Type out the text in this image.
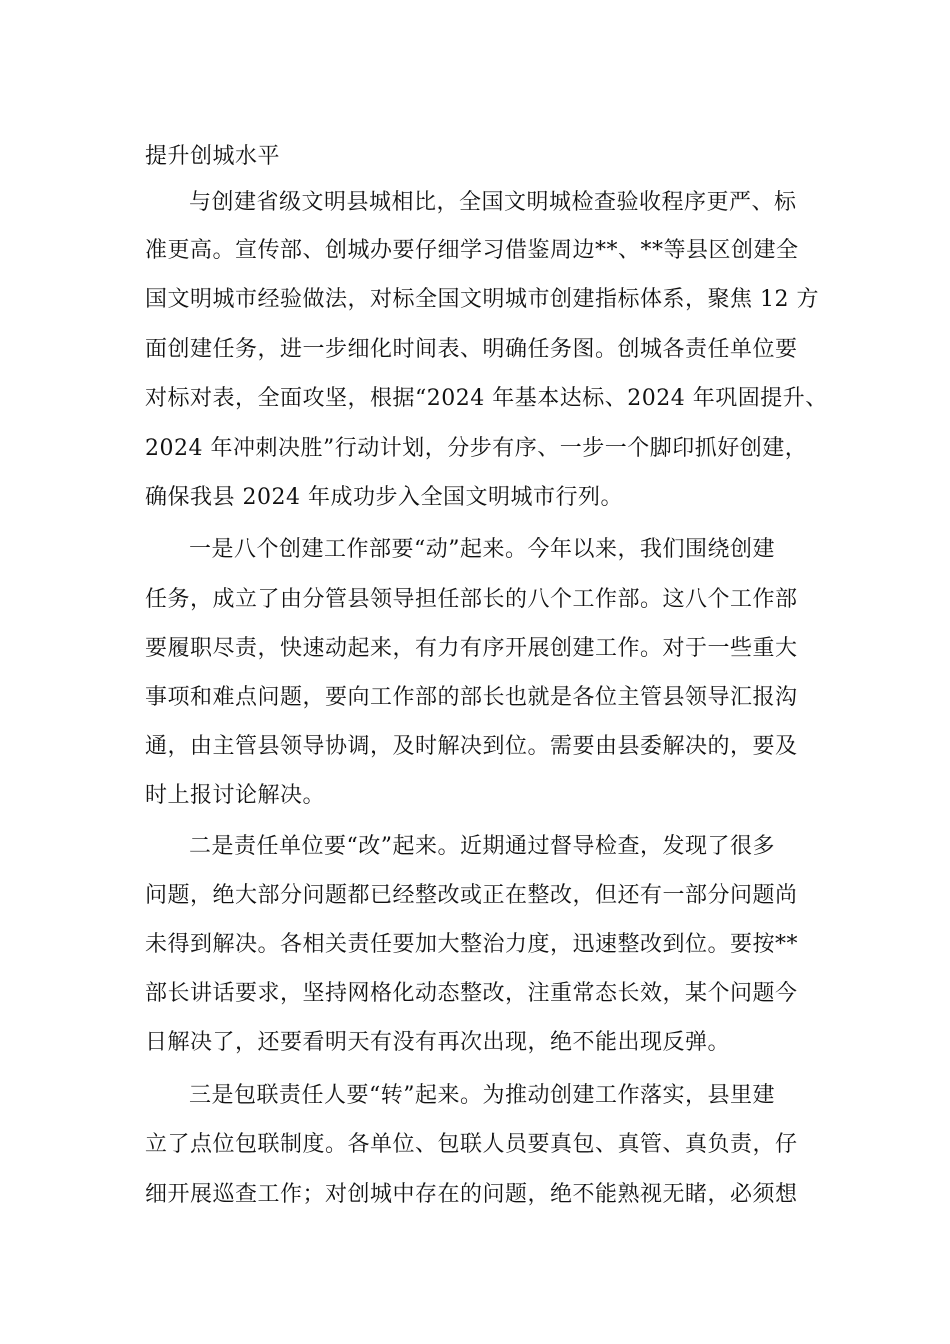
提升创城水平
与创建省级文明县城相比，全国文明城检查验收程序更严、标
准更高。宣传部、创城办要仔细学习借鉴周边**、**等县区创建全
国文明城市经验做法，对标全国文明城市创建指标体系，聚焦 12 方
面创建任务，进一步细化时间表、明确任务图。创城各责任单位要
对标对表，全面攻坚，根据“2024 年基本达标、2024 年巩固提升、
2024 年冲刺决胜”行动计划，分步有序、一步一个脚印抓好创建，
确保我县 2024 年成功步入全国文明城市行列。
一是八个创建工作部要“动”起来。今年以来，我们围绕创建
任务，成立了由分管县领导担任部长的八个工作部。这八个工作部
要履职尽责，快速动起来，有力有序开展创建工作。对于一些重大
事项和难点问题，要向工作部的部长也就是各位主管县领导汇报沟
通，由主管县领导协调，及时解决到位。需要由县委解决的，要及
时上报讨论解决。
二是责任单位要“改”起来。近期通过督导检查，发现了很多
问题，绝大部分问题都已经整改或正在整改，但还有一部分问题尚
未得到解决。各相关责任要加大整治力度，迅速整改到位。要按**
部长讲话要求，坚持网格化动态整改，注重常态长效，某个问题今
日解决了，还要看明天有没有再次出现，绝不能出现反弹。
三是包联责任人要“转”起来。为推动创建工作落实，县里建
立了点位包联制度。各单位、包联人员要真包、真管、真负责，仔
细开展巡查工作；对创城中存在的问题，绝不能熟视无睹，必须想
